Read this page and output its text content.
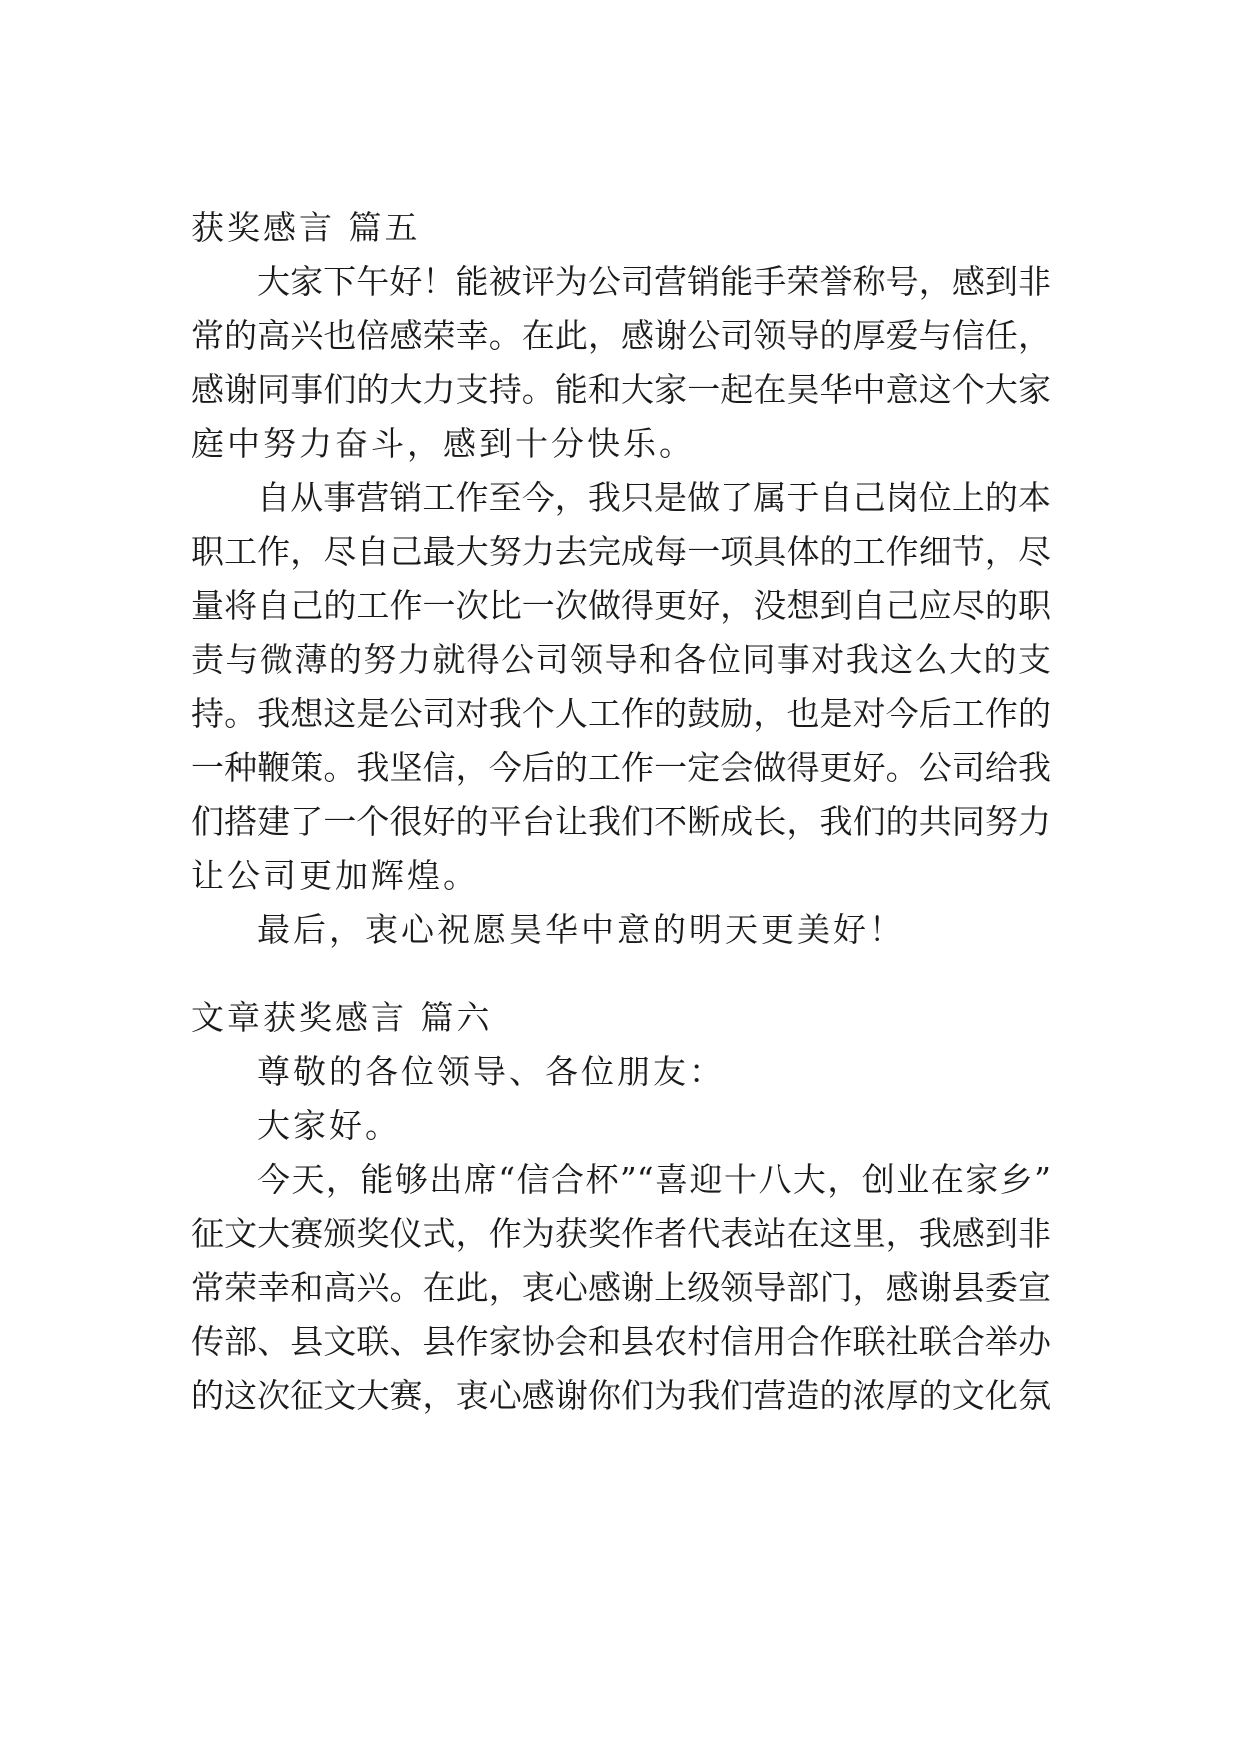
获奖感言 篇五
大家下午好！能被评为公司营销能手荣誉称号，感到非
常的高兴也倍感荣幸。在此，感谢公司领导的厚爱与信任，
感谢同事们的大力支持。能和大家一起在昊华中意这个大家
庭中努力奋斗，感到十分快乐。
自从事营销工作至今，我只是做了属于自己岗位上的本
职工作，尽自己最大努力去完成每一项具体的工作细节，尽
量将自己的工作一次比一次做得更好，没想到自己应尽的职
责与微薄的努力就得公司领导和各位同事对我这么大的支
持。我想这是公司对我个人工作的鼓励，也是对今后工作的
一种鞭策。我坚信，今后的工作一定会做得更好。公司给我
们搭建了一个很好的平台让我们不断成长，我们的共同努力
让公司更加辉煌。
最后，衷心祝愿昊华中意的明天更美好！
文章获奖感言 篇六
尊敬的各位领导、各位朋友：
大家好。
今天，能够出席“信合杯”“喜迎十八大，创业在家乡”
征文大赛颁奖仪式，作为获奖作者代表站在这里，我感到非
常荣幸和高兴。在此，衷心感谢上级领导部门，感谢县委宣
传部、县文联、县作家协会和县农村信用合作联社联合举办
的这次征文大赛，衷心感谢你们为我们营造的浓厚的文化氛
